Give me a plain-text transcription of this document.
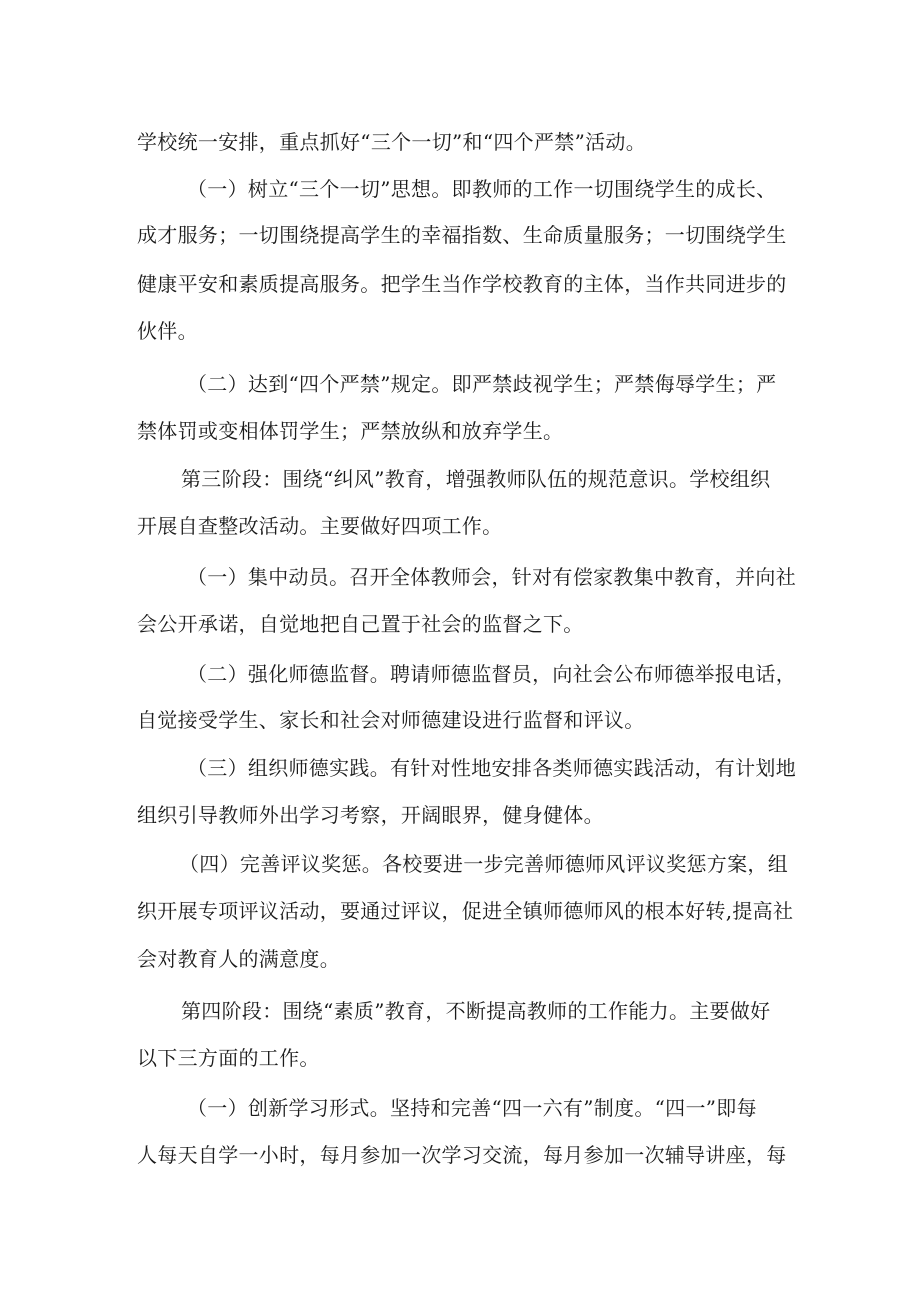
学校统一安排，重点抓好“三个一切”和“四个严禁”活动。
（一）树立“三个一切”思想。即教师的工作一切围绕学生的成长、
成才服务；一切围绕提高学生的幸福指数、生命质量服务；一切围绕学生
健康平安和素质提高服务。把学生当作学校教育的主体，当作共同进步的
伙伴。
（二）达到“四个严禁”规定。即严禁歧视学生；严禁侮辱学生；严
禁体罚或变相体罚学生；严禁放纵和放弃学生。
第三阶段：围绕“纠风”教育，增强教师队伍的规范意识。学校组织
开展自查整改活动。主要做好四项工作。
（一）集中动员。召开全体教师会，针对有偿家教集中教育，并向社
会公开承诺，自觉地把自己置于社会的监督之下。
（二）强化师德监督。聘请师德监督员，向社会公布师德举报电话，
自觉接受学生、家长和社会对师德建设进行监督和评议。
（三）组织师德实践。有针对性地安排各类师德实践活动，有计划地
组织引导教师外出学习考察，开阔眼界，健身健体。
（四）完善评议奖惩。各校要进一步完善师德师风评议奖惩方案，组
织开展专项评议活动，要通过评议，促进全镇师德师风的根本好转,提高社
会对教育人的满意度。
第四阶段：围绕“素质”教育，不断提高教师的工作能力。主要做好
以下三方面的工作。
（一）创新学习形式。坚持和完善“四一六有”制度。“四一”即每
人每天自学一小时，每月参加一次学习交流，每月参加一次辅导讲座，每
